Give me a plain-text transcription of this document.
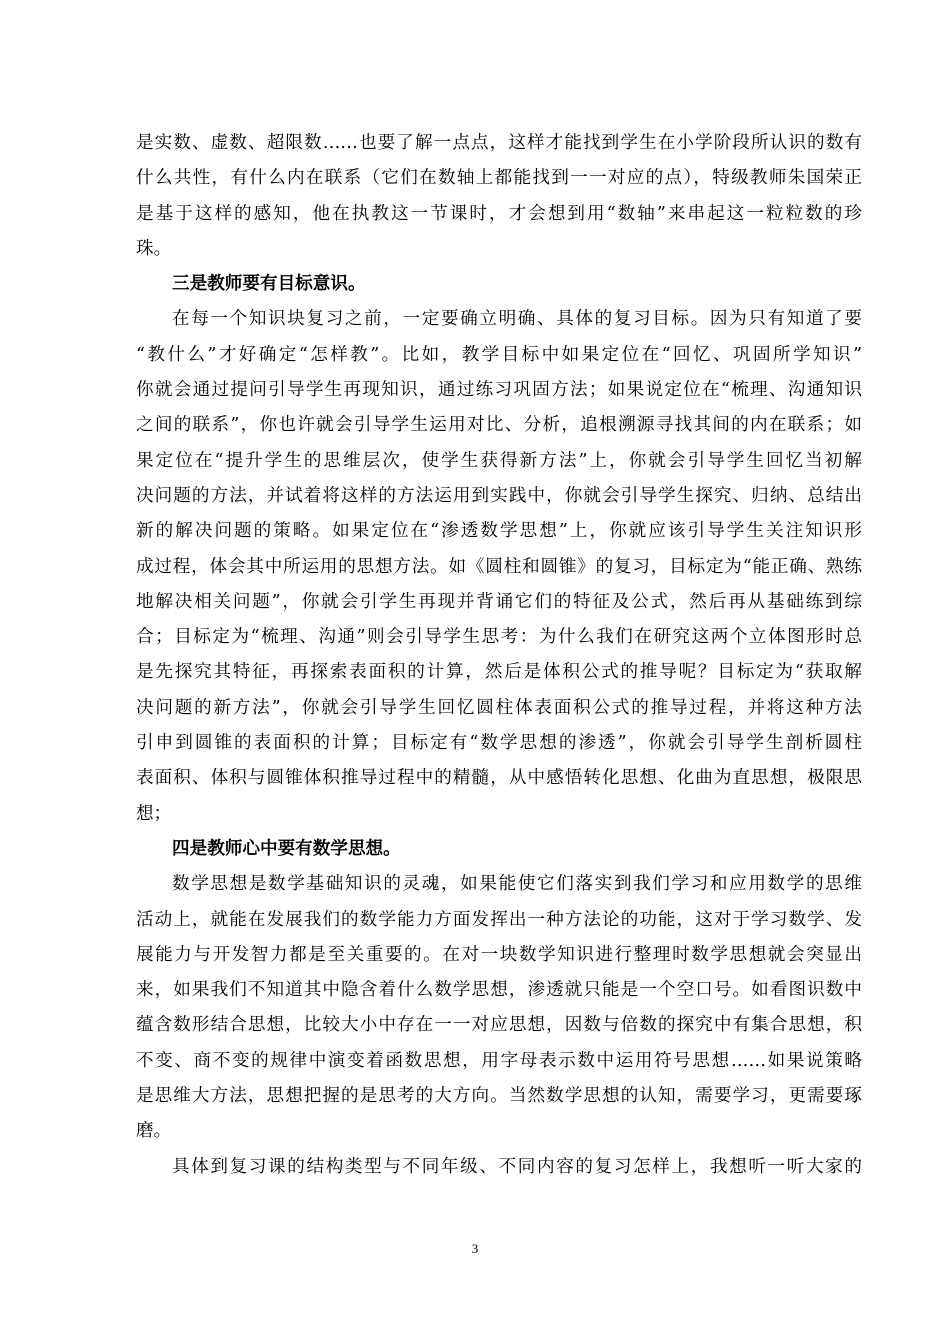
是实数、虚数、超限数……也要了解一点点，这样才能找到学生在小学阶段所认识的数有
什么共性，有什么内在联系（它们在数轴上都能找到一一对应的点），特级教师朱国荣正
是基于这样的感知，他在执教这一节课时，才会想到用“数轴”来串起这一粒粒数的珍
珠。
三是教师要有目标意识。
在每一个知识块复习之前，一定要确立明确、具体的复习目标。因为只有知道了要
“教什么”才好确定“怎样教”。比如，教学目标中如果定位在“回忆、巩固所学知识”
你就会通过提问引导学生再现知识，通过练习巩固方法；如果说定位在“梳理、沟通知识
之间的联系”，你也许就会引导学生运用对比、分析，追根溯源寻找其间的内在联系；如
果定位在“提升学生的思维层次，使学生获得新方法”上，你就会引导学生回忆当初解
决问题的方法，并试着将这样的方法运用到实践中，你就会引导学生探究、归纳、总结出
新的解决问题的策略。如果定位在“渗透数学思想”上，你就应该引导学生关注知识形
成过程，体会其中所运用的思想方法。如《圆柱和圆锥》的复习，目标定为“能正确、熟练
地解决相关问题”，你就会引学生再现并背诵它们的特征及公式，然后再从基础练到综
合；目标定为“梳理、沟通”则会引导学生思考：为什么我们在研究这两个立体图形时总
是先探究其特征，再探索表面积的计算，然后是体积公式的推导呢？目标定为“获取解
决问题的新方法”，你就会引导学生回忆圆柱体表面积公式的推导过程，并将这种方法
引申到圆锥的表面积的计算；目标定有“数学思想的渗透”，你就会引导学生剖析圆柱
表面积、体积与圆锥体积推导过程中的精髓，从中感悟转化思想、化曲为直思想，极限思
想；
四是教师心中要有数学思想。
数学思想是数学基础知识的灵魂，如果能使它们落实到我们学习和应用数学的思维
活动上，就能在发展我们的数学能力方面发挥出一种方法论的功能，这对于学习数学、发
展能力与开发智力都是至关重要的。在对一块数学知识进行整理时数学思想就会突显出
来，如果我们不知道其中隐含着什么数学思想，渗透就只能是一个空口号。如看图识数中
蕴含数形结合思想，比较大小中存在一一对应思想，因数与倍数的探究中有集合思想，积
不变、商不变的规律中演变着函数思想，用字母表示数中运用符号思想……如果说策略
是思维大方法，思想把握的是思考的大方向。当然数学思想的认知，需要学习，更需要琢
磨。
具体到复习课的结构类型与不同年级、不同内容的复习怎样上，我想听一听大家的
3
